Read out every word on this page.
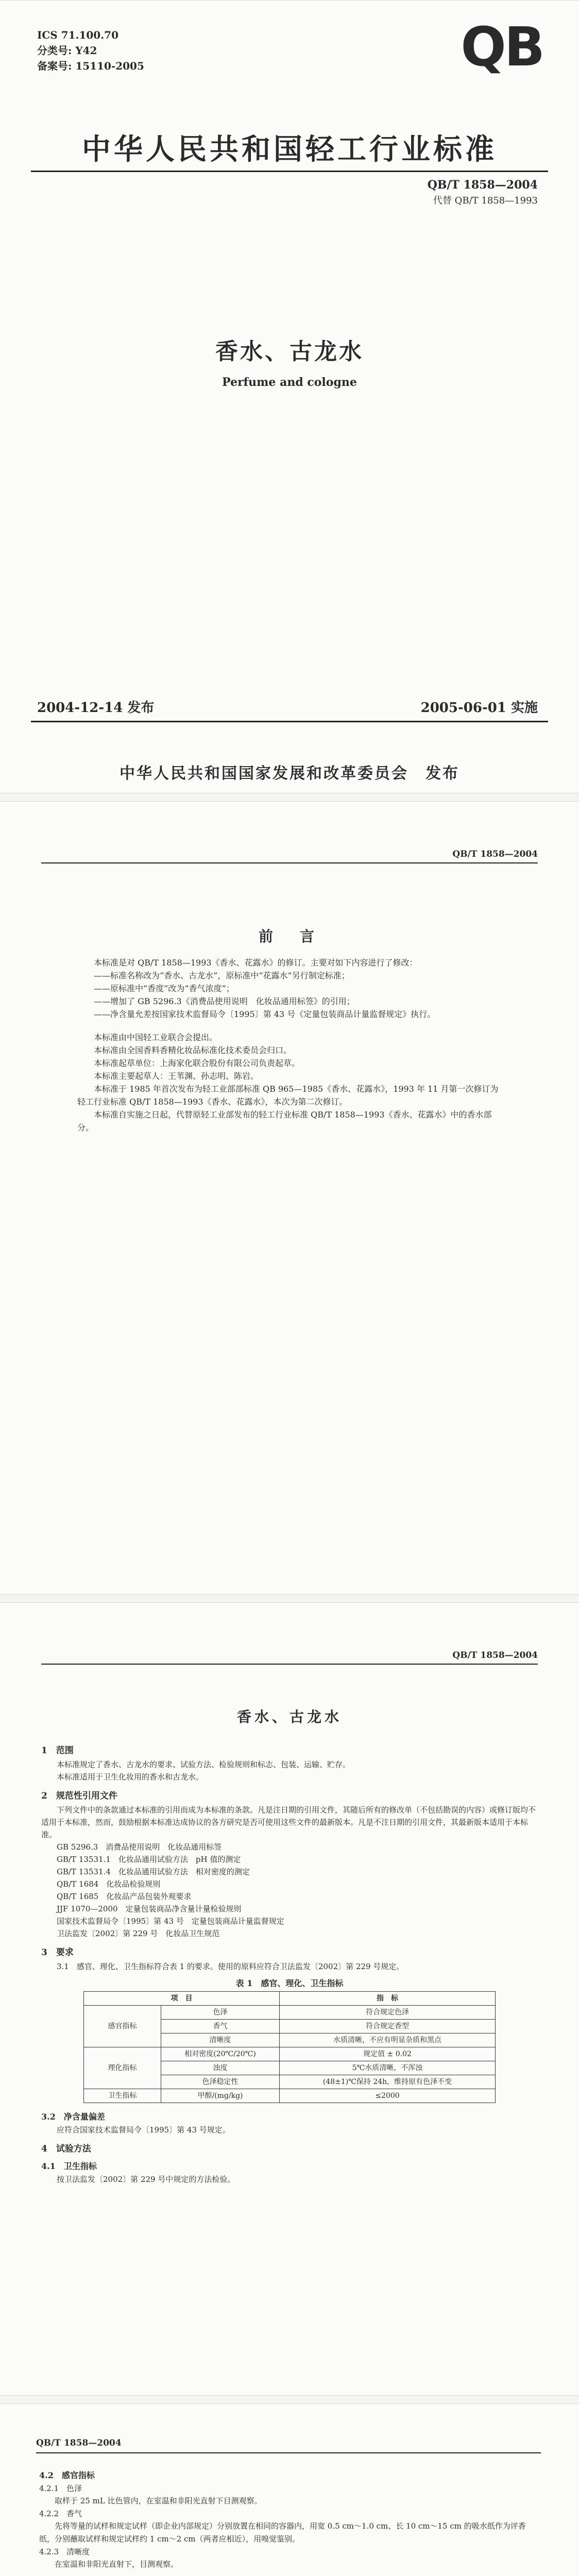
ICS 71.100.70
分类号: Y42
备案号: 15110-2005	QB
中华人民共和国轻工行业标准
QB/T 1858—2004
代替 QB/T 1858—1993
香水、古龙水
Perfume and cologne
2004-12-14 发布	2005-06-01 实施
中华人民共和国国家发展和改革委员会　发布
QB/T 1858—2004
前　言

本标准是对 QB/T 1858—1993《香水、花露水》的修订。主要对如下内容进行了修改：

——标准名称改为“香水、古龙水”，原标准中“花露水”另行制定标准；

——原标准中“香度”改为“香气浓度”；

——增加了 GB 5296.3《消费品使用说明　化妆品通用标签》的引用；

——净含量允差按国家技术监督局令〔1995〕第 43 号《定量包装商品计量监督规定》执行。

本标准由中国轻工业联合会提出。

本标准由全国香料香精化妆品标准化技术委员会归口。

本标准起草单位：上海家化联合股份有限公司负责起草。

本标准主要起草人：王苇渊、孙志明、陈岩。

本标准于 1985 年首次发布为轻工业部部标准 QB 965—1985《香水、花露水》，1993 年 11 月第一次修订为轻工行业标准 QB/T 1858—1993《香水、花露水》，本次为第二次修订。

本标准自实施之日起，代替原轻工业部发布的轻工行业标准 QB/T 1858—1993《香水、花露水》中的香水部分。

QB/T 1858—2004
香水、古龙水
1　范围
本标准规定了香水、古龙水的要求、试验方法、检验规则和标志、包装、运输、贮存。
本标准适用于卫生化妆用的香水和古龙水。
2　规范性引用文件
下列文件中的条款通过本标准的引用而成为本标准的条款。凡是注日期的引用文件，其随后所有的修改单（不包括勘误的内容）或修订版均不适用于本标准，然而，鼓励根据本标准达成协议的各方研究是否可使用这些文件的最新版本。凡是不注日期的引用文件，其最新版本适用于本标准。
GB 5296.3　消费品使用说明　化妆品通用标签
GB/T 13531.1　化妆品通用试验方法　pH 值的测定
GB/T 13531.4　化妆品通用试验方法　相对密度的测定
QB/T 1684　化妆品检验规则
QB/T 1685　化妆品产品包装外观要求
JJF 1070—2000　定量包装商品净含量计量检验规则
国家技术监督局令〔1995〕第 43 号　定量包装商品计量监督规定
卫法监发〔2002〕第 229 号　化妆品卫生规范
3　要求
3.1　感官、理化、卫生指标符合表 1 的要求。使用的原料应符合卫法监发〔2002〕第 229 号规定。
表 1　感官、理化、卫生指标
项　目		指　标
感官指标	色泽	符合规定色泽
	香气	符合规定香型
	清晰度	水质清晰，不应有明显杂质和黑点
理化指标	相对密度(20℃/20℃)	规定值 ± 0.02
	浊度	5℃水质清晰，不浑浊
	色泽稳定性	(48±1)℃保持 24h，维持原有色泽不变
卫生指标	甲醇/(mg/kg)	≤2000
3.2　净含量偏差
应符合国家技术监督局令〔1995〕第 43 号规定。
4　试验方法
4.1　卫生指标
按卫法监发〔2002〕第 229 号中规定的方法检验。
QB/T 1858—2004
4.2　感官指标
4.2.1　色泽
取样于 25 mL 比色管内，在室温和非阳光直射下目测观察。
4.2.2　香气
先将等量的试样和规定试样（即企业内部规定）分别放置在相同的容器内，用宽 0.5 cm～1.0 cm、长 10 cm～15 cm 的吸水纸作为评香纸，分别蘸取试样和规定试样约 1 cm～2 cm（两者应相近），用嗅觉鉴别。
4.2.3　清晰度
在室温和非阳光直射下，目测观察。
